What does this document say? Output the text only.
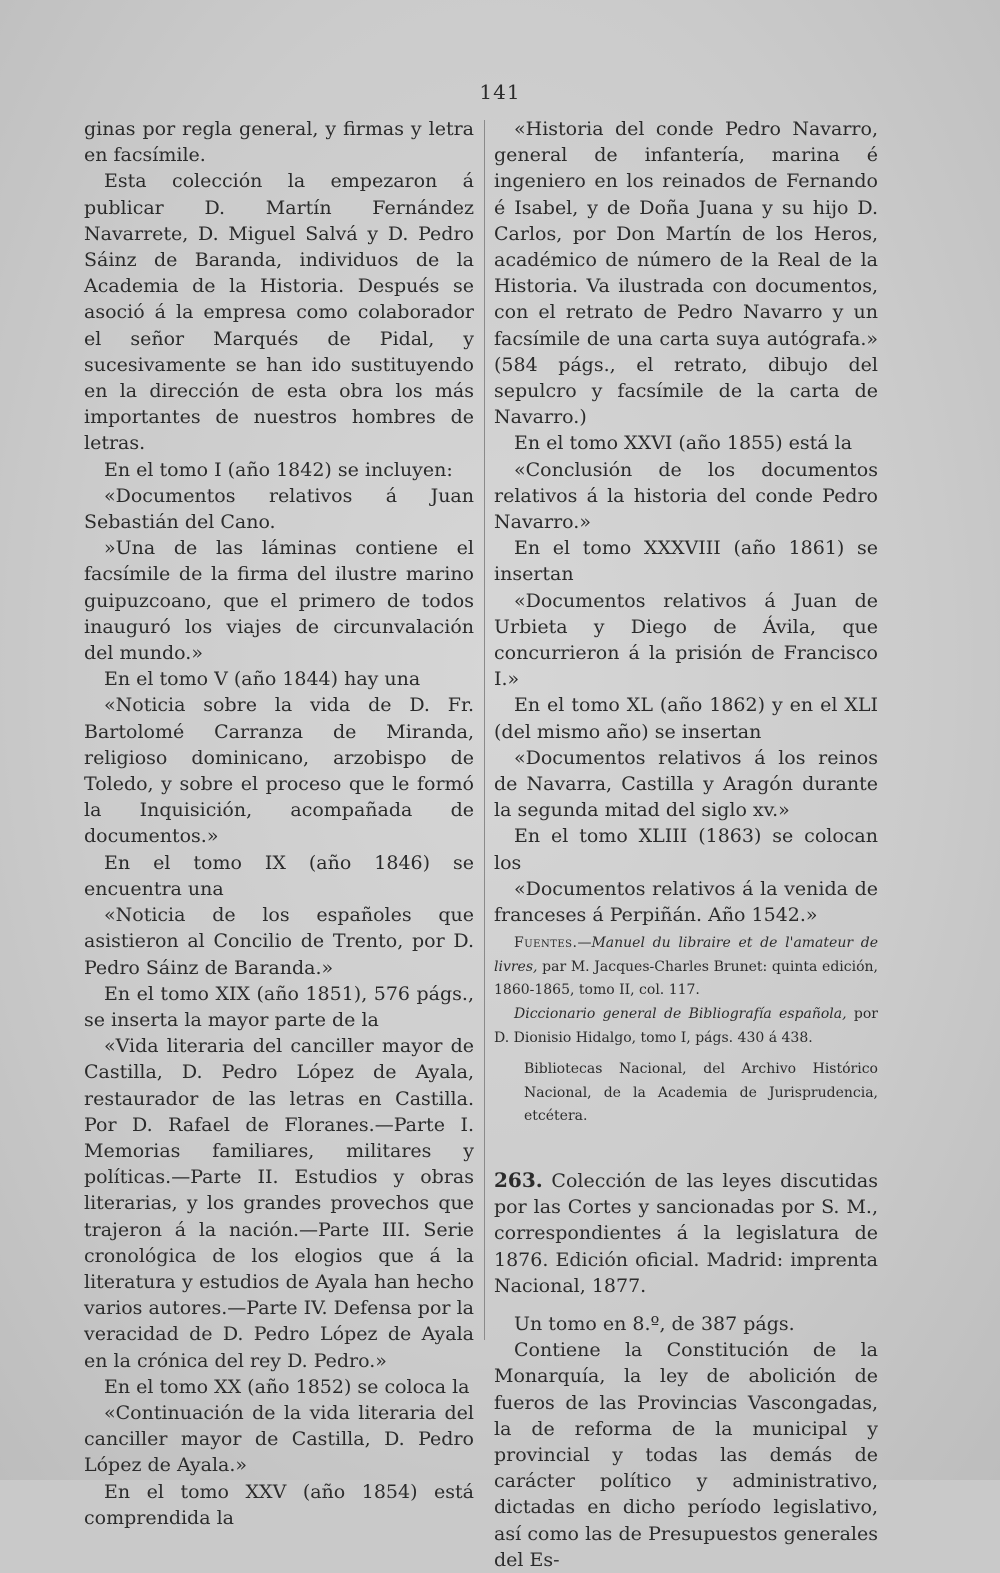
141

ginas por regla general, y firmas y letra en facsímile.

Esta colección la empezaron á publicar D. Martín Fernández Navarrete, D. Miguel Salvá y D. Pedro Sáinz de Baranda, individuos de la Academia de la Historia. Después se asoció á la empresa como colaborador el señor Marqués de Pidal, y sucesivamente se han ido sustituyendo en la dirección de esta obra los más importantes de nuestros hombres de letras.

En el tomo I (año 1842) se incluyen:

«Documentos relativos á Juan Sebastián del Cano.

»Una de las láminas contiene el facsímile de la firma del ilustre marino guipuzcoano, que el primero de todos inauguró los viajes de circunvalación del mundo.»

En el tomo V (año 1844) hay una

«Noticia sobre la vida de D. Fr. Bartolomé Carranza de Miranda, religioso dominicano, arzobispo de Toledo, y sobre el proceso que le formó la Inquisición, acompañada de documentos.»

En el tomo IX (año 1846) se encuentra una

«Noticia de los españoles que asistieron al Concilio de Trento, por D. Pedro Sáinz de Baranda.»

En el tomo XIX (año 1851), 576 págs., se inserta la mayor parte de la

«Vida literaria del canciller mayor de Castilla, D. Pedro López de Ayala, restaurador de las letras en Castilla. Por D. Rafael de Floranes.—Parte I. Memorias familiares, militares y políticas.—Parte II. Estudios y obras literarias, y los grandes provechos que trajeron á la nación.—Parte III. Serie cronológica de los elogios que á la literatura y estudios de Ayala han hecho varios autores.—Parte IV. Defensa por la veracidad de D. Pedro López de Ayala en la crónica del rey D. Pedro.»

En el tomo XX (año 1852) se coloca la

«Continuación de la vida literaria del canciller mayor de Castilla, D. Pedro López de Ayala.»

En el tomo XXV (año 1854) está comprendida la

«Historia del conde Pedro Navarro, general de infantería, marina é ingeniero en los reinados de Fernando é Isabel, y de Doña Juana y su hijo D. Carlos, por Don Martín de los Heros, académico de número de la Real de la Historia. Va ilustrada con documentos, con el retrato de Pedro Navarro y un facsímile de una carta suya autógrafa.» (584 págs., el retrato, dibujo del sepulcro y facsímile de la carta de Navarro.)

En el tomo XXVI (año 1855) está la

«Conclusión de los documentos relativos á la historia del conde Pedro Navarro.»

En el tomo XXXVIII (año 1861) se insertan

«Documentos relativos á Juan de Urbieta y Diego de Ávila, que concurrieron á la prisión de Francisco I.»

En el tomo XL (año 1862) y en el XLI (del mismo año) se insertan

«Documentos relativos á los reinos de Navarra, Castilla y Aragón durante la segunda mitad del siglo xv.»

En el tomo XLIII (1863) se colocan los

«Documentos relativos á la venida de franceses á Perpiñán. Año 1542.»

Fuentes.—Manuel du libraire et de l'amateur de livres, par M. Jacques-Charles Brunet: quinta edición, 1860-1865, tomo II, col. 117.

Diccionario general de Bibliografía española, por D. Dionisio Hidalgo, tomo I, págs. 430 á 438.

Bibliotecas Nacional, del Archivo Histórico Nacional, de la Academia de Jurisprudencia, etcétera.

263. Colección de las leyes discutidas por las Cortes y sancionadas por S. M., correspondientes á la legislatura de 1876. Edición oficial. Madrid: imprenta Nacional, 1877.

Un tomo en 8.º, de 387 págs.

Contiene la Constitución de la Monarquía, la ley de abolición de fueros de las Provincias Vascongadas, la de reforma de la municipal y provincial y todas las demás de carácter político y administrativo, dictadas en dicho período legislativo, así como las de Presupuestos generales del Es-
